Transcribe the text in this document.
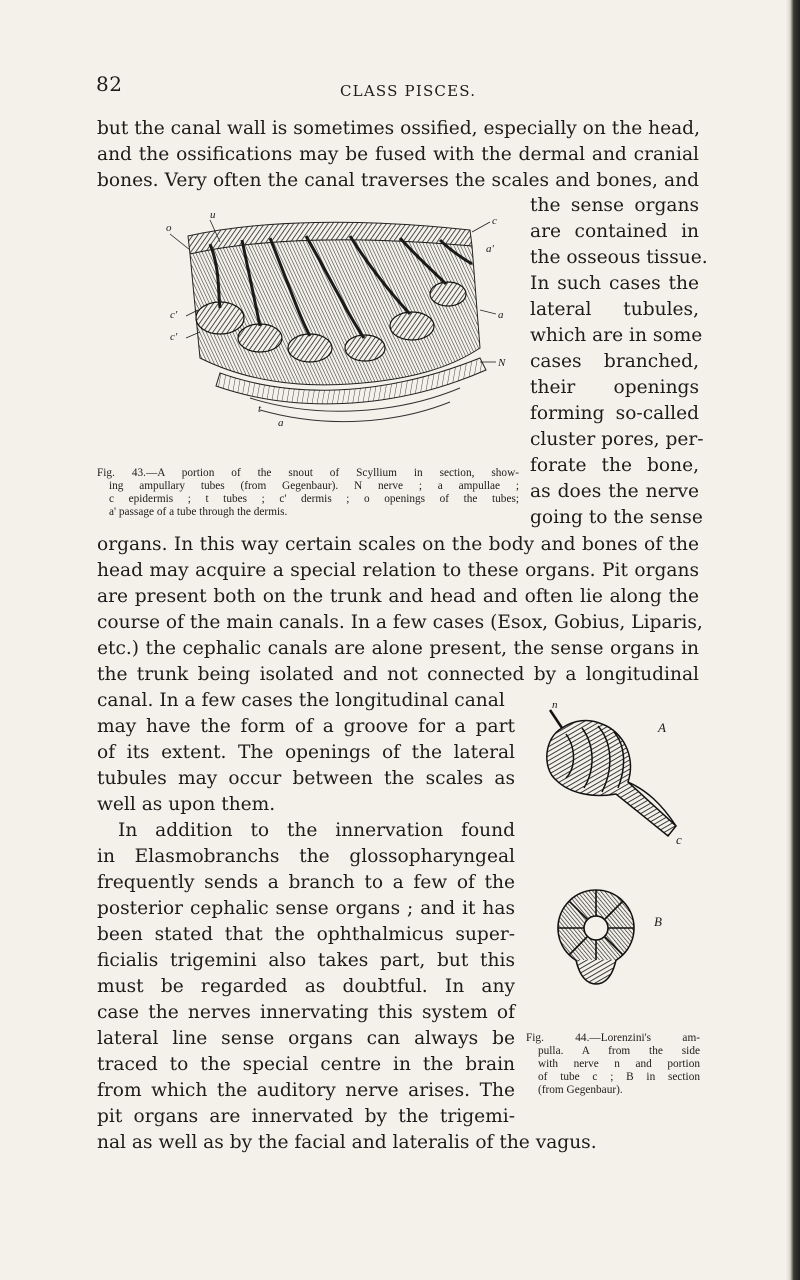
82	CLASS PISCES.
but the canal wall is sometimes ossified, especially on the head,
and the ossifications may be fused with the dermal and cranial
bones. Very often the canal traverses the scales and bones, and
the sense organs
are contained in
the osseous tissue.
In such cases the
lateral tubules,
which are in some
cases branched,
their openings
forming so-called
cluster pores, per-
forate the bone,
as does the nerve
going to the sense
o
u	c
a'
a
c'
c'
N
t
a
Fig. 43.—A portion of the snout of Scyllium in section, show-
ing ampullary tubes (from Gegenbaur). N nerve ; a ampullae ;
c epidermis ; t tubes ; c' dermis ; o openings of the tubes;
a' passage of a tube through the dermis.
organs. In this way certain scales on the body and bones of the
head may acquire a special relation to these organs. Pit organs
are present both on the trunk and head and often lie along the
course of the main canals. In a few cases (Esox, Gobius, Liparis,
etc.) the cephalic canals are alone present, the sense organs in
the trunk being isolated and not connected by a longitudinal
canal. In a few cases the longitudinal canal
may have the form of a groove for a part
of its extent. The openings of the lateral
tubules may occur between the scales as
well as upon them.
In addition to the innervation found
in Elasmobranchs the glossopharyngeal
frequently sends a branch to a few of the
posterior cephalic sense organs ; and it has
been stated that the ophthalmicus super-
ficialis trigemini also takes part, but this
must be regarded as doubtful. In any
case the nerves innervating this system of
lateral line sense organs can always be
traced to the special centre in the brain
from which the auditory nerve arises. The
pit organs are innervated by the trigemi-
nal as well as by the facial and lateralis of the vagus.
n
A
c
B
Fig. 44.—Lorenzini's am-
pulla. A from the side
with nerve n and portion
of tube c ; B in section
(from Gegenbaur).
